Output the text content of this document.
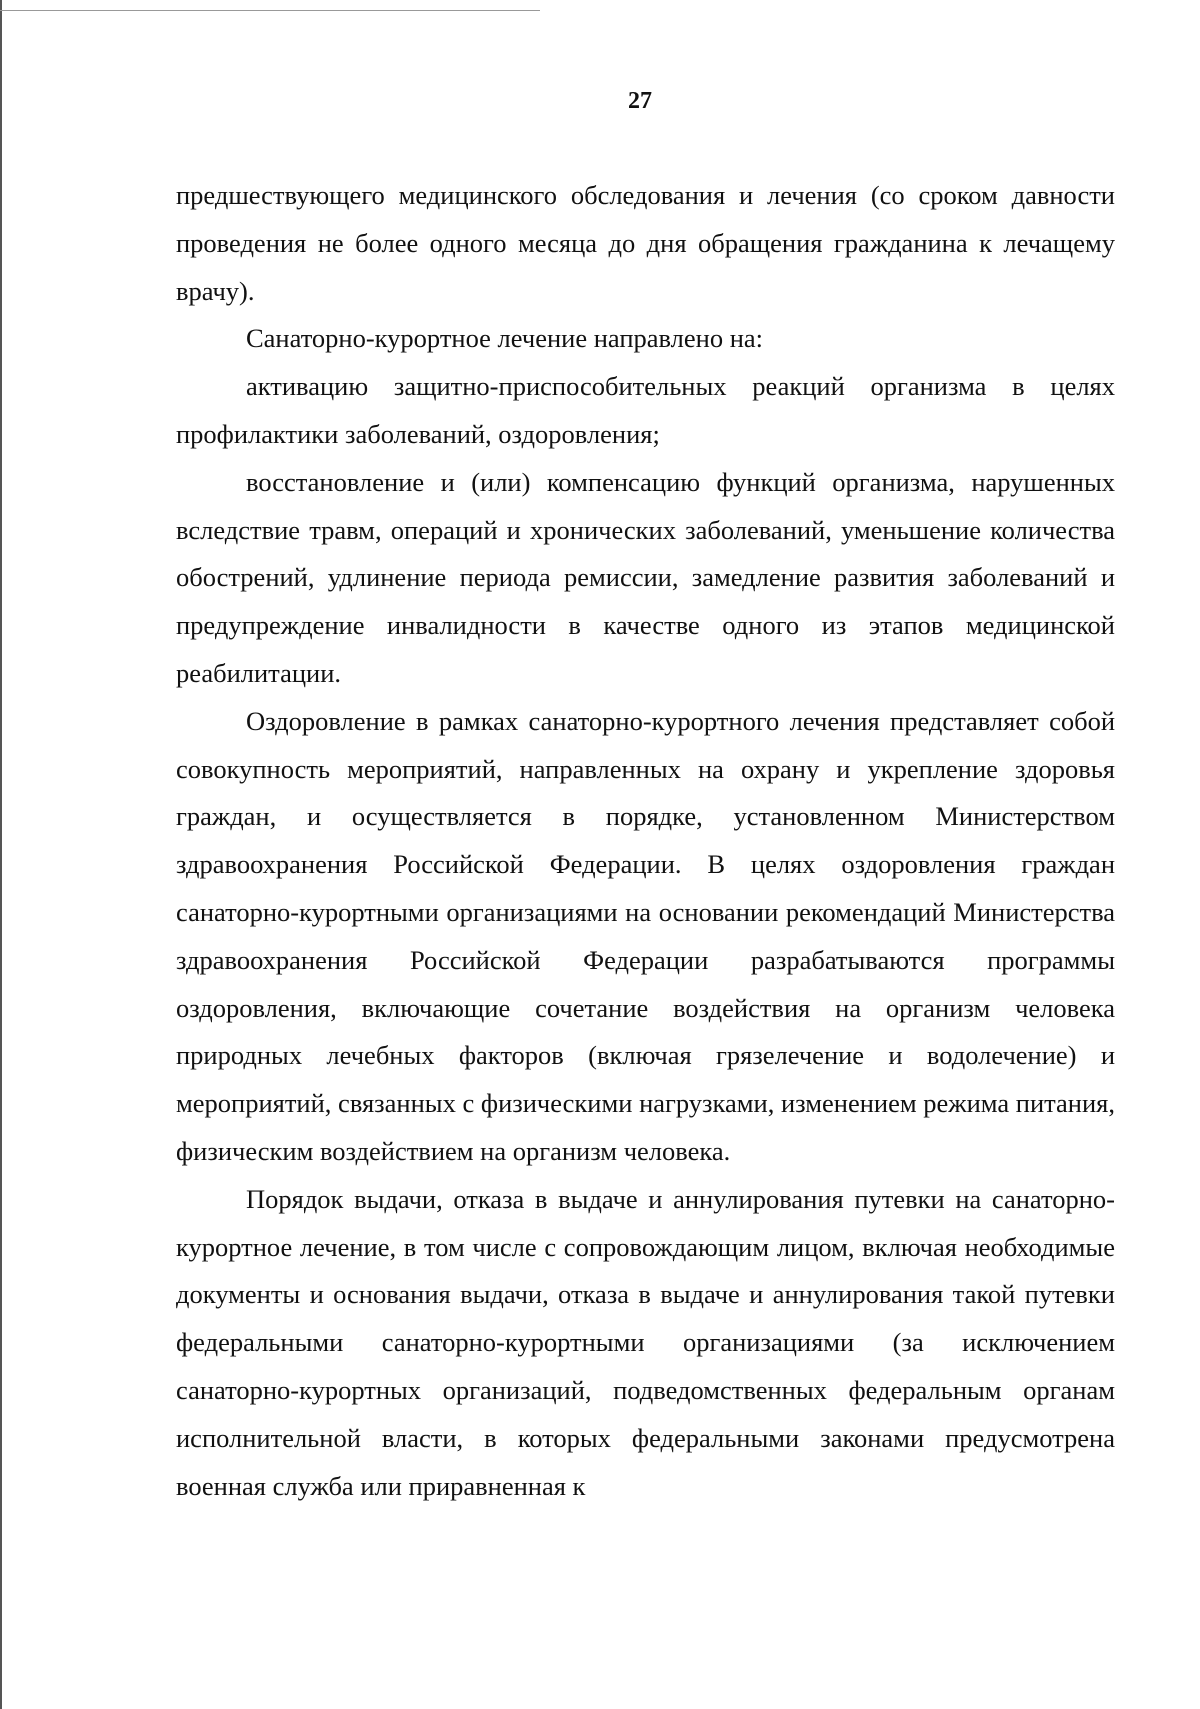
27

предшествующего медицинского обследования и лечения (со сроком давности проведения не более одного месяца до дня обращения гражданина к лечащему врачу).

Санаторно-курортное лечение направлено на:

активацию защитно-приспособительных реакций организма в целях профилактики заболеваний, оздоровления;

восстановление и (или) компенсацию функций организма, нарушенных вследствие травм, операций и хронических заболеваний, уменьшение количества обострений, удлинение периода ремиссии, замедление развития заболеваний и предупреждение инвалидности в качестве одного из этапов медицинской реабилитации.

Оздоровление в рамках санаторно-курортного лечения представляет собой совокупность мероприятий, направленных на охрану и укрепление здоровья граждан, и осуществляется в порядке, установленном Министерством здравоохранения Российской Федерации. В целях оздоровления граждан санаторно-курортными организациями на основании рекомендаций Министерства здравоохранения Российской Федерации разрабатываются программы оздоровления, включающие сочетание воздействия на организм человека природных лечебных факторов (включая грязелечение и водолечение) и мероприятий, связанных с физическими нагрузками, изменением режима питания, физическим воздействием на организм человека.

Порядок выдачи, отказа в выдаче и аннулирования путевки на санаторно-курортное лечение, в том числе с сопровождающим лицом, включая необходимые документы и основания выдачи, отказа в выдаче и аннулирования такой путевки федеральными санаторно-курортными организациями (за исключением санаторно-курортных организаций, подведомственных федеральным органам исполнительной власти, в которых федеральными законами предусмотрена военная служба или приравненная к
